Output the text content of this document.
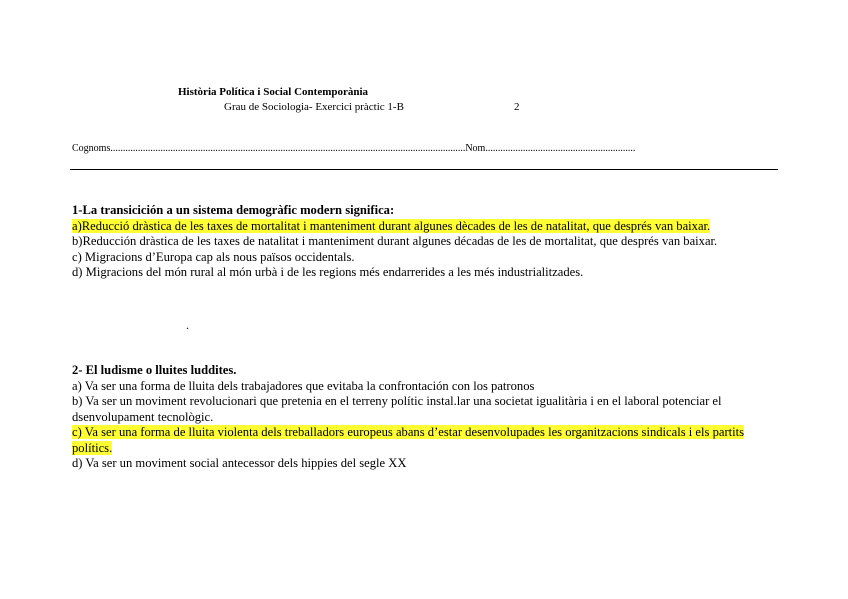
Història Política i Social Contemporània
Grau de Sociologia- Exercici pràctic 1-B	2
Cognoms..............................................................................................................................................Nom............................................................
1-La transicición a un sistema demogràfic modern significa:
a)Reducció dràstica de les taxes de mortalitat i manteniment durant algunes dècades de les de natalitat, que després van baixar.
b)Reducción dràstica de les taxes de natalitat i manteniment durant algunes décadas de les de mortalitat, que després van baixar.
c) Migracions d’Europa cap als nous països occidentals.
d) Migracions del món rural al món urbà i de les regions més endarrerides a les més industrialitzades.
.
2- El ludisme o lluites luddites.
a) Va ser una forma de lluita dels trabajadores que evitaba la confrontación con los patronos
b) Va ser un moviment revolucionari que pretenia en el terreny polític instal.lar una societat igualitària i en el laboral potenciar el dsenvolupament tecnològic.
c) Va ser una forma de lluita violenta dels treballadors europeus abans d’estar desenvolupades les organitzacions sindicals i els partits polítics.
d) Va ser un moviment social antecessor dels hippies del segle XX
